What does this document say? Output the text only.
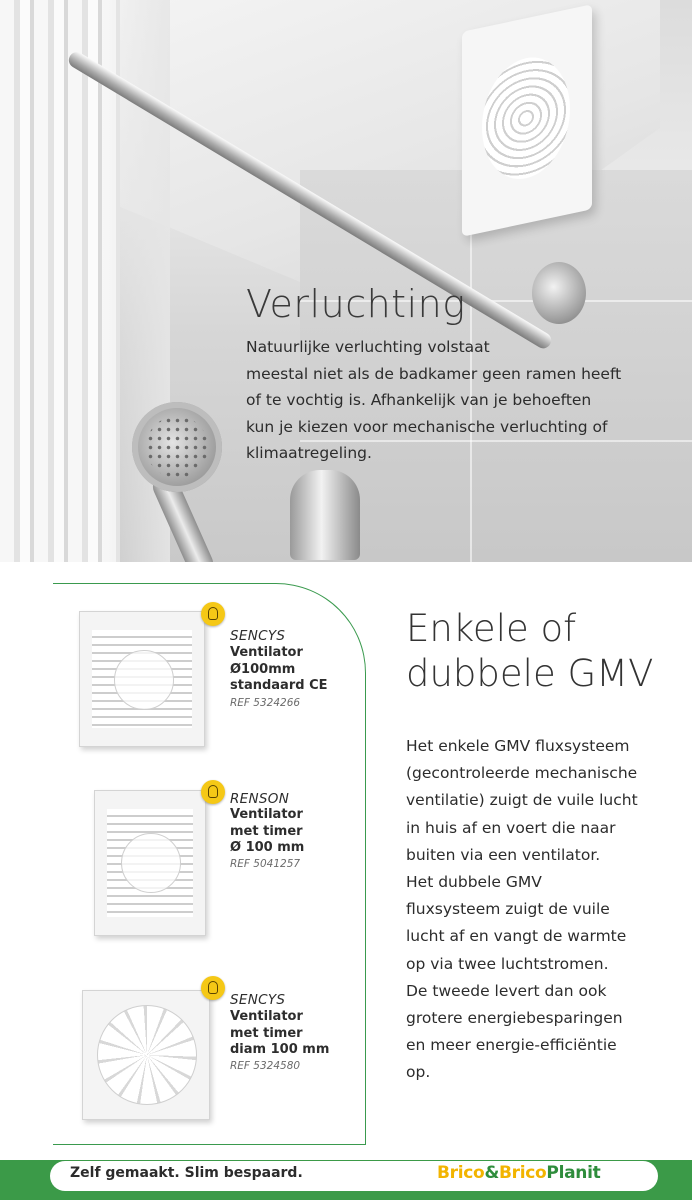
Verluchting
Natuurlijke verluchting volstaat
meestal niet als de badkamer geen ramen heeft
of te vochtig is. Afhankelijk van je behoeften
kun je kiezen voor mechanische verluchting of
klimaatregeling.
SENCYS
Ventilator
Ø100mm
standaard CE
REF 5324266
RENSON
Ventilator
met timer
Ø 100 mm
REF 5041257
SENCYS
Ventilator
met timer
diam 100 mm
REF 5324580
Enkele of
dubbele GMV
Het enkele GMV fluxsysteem
(gecontroleerde mechanische
ventilatie) zuigt de vuile lucht
in huis af en voert die naar
buiten via een ventilator.
Het dubbele GMV
fluxsysteem zuigt de vuile
lucht af en vangt de warmte
op via twee luchtstromen.
De tweede levert dan ook
grotere energiebesparingen
en meer energie-efficiëntie
op.
Zelf gemaakt. Slim bespaard.	Brico&BricoPlanit
